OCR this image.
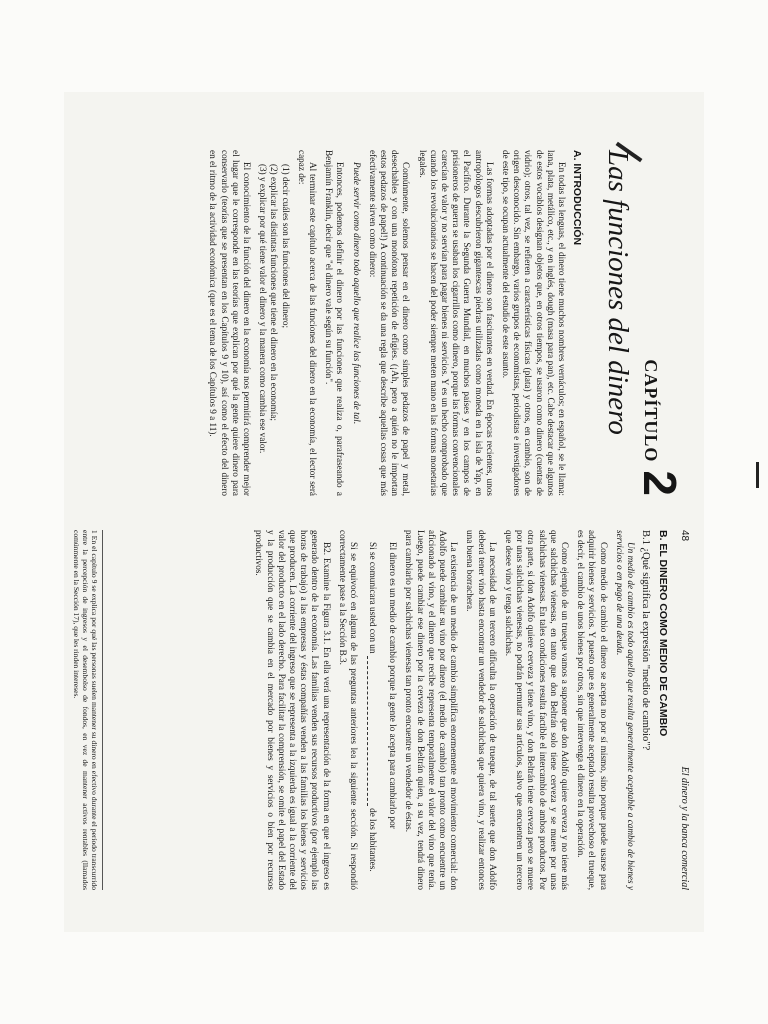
CAPÍTULO
2
Las funciones del dinero
A. INTRODUCCIÓN

En todas las lenguas, el dinero tiene muchos nombres vernáculos; en español, se le llama: lana, plata, metálico, etc., y en inglés, dough (masa para pan), etc. Cabe destacar que algunos de estos vocablos designan objetos que, en otros tiempos, se usaron como dinero (cuentas de vidrio); otros, tal vez, se refieren a características físicas (plata) y otros, en cambio, son de origen desconocido. Sin embargo, varios grupos de economistas, periodistas e investigadores de este tipo, se ocupan actualmente del estudio de este asunto.

Las formas adoptadas por el dinero son fascinantes en verdad. En épocas recientes, unos antropólogos descubrieron gigantescas piedras utilizadas como moneda en la isla de Yap, en el Pacífico. Durante la Segunda Guerra Mundial, en muchos países y en los campos de prisioneros de guerra se usaban los cigarrillos como dinero, porque las formas convencionales carecían de valor y no servían para pagar bienes ni servicios. Y es un hecho comprobado que cuando los revolucionarios se hacen del poder siempre meten mano en las formas monetarias legales.

Comúnmente, solemos pensar en el dinero como simples pedazos de papel y metal, desechables y con una monótona repetición de efigies. (¡Ah, pero a quién no le importan estos pedazos de papel!) A continuación se da una regla que describe aquellas cosas que más efectivamente sirven como dinero:

Puede servir como dinero todo aquello que realice las funciones de tal.

Entonces, podemos definir el dinero por las funciones que realiza o, parafraseando a Benjamín Franklin, decir que "el dinero vale según su función".

Al terminar este capítulo acerca de las funciones del dinero en la economía, el lector será capaz de:

(1) decir cuáles son las funciones del dinero;
(2) explicar las distintas funciones que tiene el dinero en la economía;
(3) y explicar por qué tiene valor el dinero y la manera como cambia ese valor.

El conocimiento de la función del dinero en la economía nos permitirá comprender mejor el lugar que le corresponde en las teorías que explican por qué la gente quiere dinero para conservarlo (teorías que se presentan en los Capítulos 9 y 10), así como el efecto del dinero en el ritmo de la actividad económica (que es el tema de los Capítulos 9 a 11).

48
El dinero y la banca comercial
B. EL DINERO COMO MEDIO DE CAMBIO
B.1 ¿Qué significa la expresión "medio de cambio"?

Un medio de cambio es todo aquello que resulta generalmente aceptable a cambio de bienes y servicios o en pago de una deuda.

Como medio de cambio el dinero se acepta no por sí mismo, sino porque puede usarse para adquirir bienes y servicios. Y puesto que es generalmente aceptado resulta provechoso el trueque, es decir, el cambio de unos bienes por otros, sin que intervenga el dinero en la operación.

Como ejemplo de un trueque vamos a suponer que don Adolfo quiere cerveza y no tiene más que salchichas vienesas, en tanto que don Beltrán solo tiene cerveza y se muere por unas salchichas vienesas. En tales condiciones resulta factible el intercambio de ambos productos. Por otra parte, si don Adolfo quiere cerveza y tiene vino, y don Beltrán tiene cerveza pero se muere por unas salchichas vienesas, no podrán permutar sus artículos, salvo que encuentren un tercero que desee vino y tenga salchichas.

La necesidad de un tercero dificulta la operación de trueque, de tal suerte que don Adolfo deberá tener vino hasta encontrar un vendedor de salchichas que quiera vino, y realizar entonces una buena borrachera.

La existencia de un medio de cambio simplifica enormemente el movimiento comercial: don Adolfo puede cambiar su vino por dinero (el medio de cambio) tan pronto como encuentre un aficionado al vino, y el dinero que recibe representa temporalmente el valor del vino que tenía. Luego, puede cambiar ese dinero por la cerveza de don Beltrán quien, a su vez, tendrá dinero para cambiarlo por salchichas vienesas tan pronto encuentre un vendedor de éstas.

El dinero es un medio de cambio porque la gente lo acepta para cambiarlo por

Si se comunicara usted con un  de los habitantes.

Si se equivocó en alguna de las preguntas anteriores lea la siguiente sección. Si respondió correctamente pase a la Sección B.3.

B2. Examine la Figura 3.1. En ella verá una representación de la forma en que el ingreso es generado dentro de la economía. Las familias venden sus recursos productivos (por ejemplo las horas de trabajo) a las empresas y éstas compañías venden a las familias los bienes y servicios que producen. La corriente del ingreso que se representa a la izquierda es igual a la corriente del valor del producto en el lado derecho. Para facilitar la comprensión, se omite el papel del Estado y la producción que se cambia en el mercado por bienes y servicios o bien por recursos productivos.

1 En el capítulo 9 se explica por qué las personas suelen mantener su dinero en efectivo durante el período transcurrido entre la percepción de ingresos y el desembolso de fondos, en vez de mantener activos rentables (llamados comúnmente en la Sección 17), que les rinden intereses.
